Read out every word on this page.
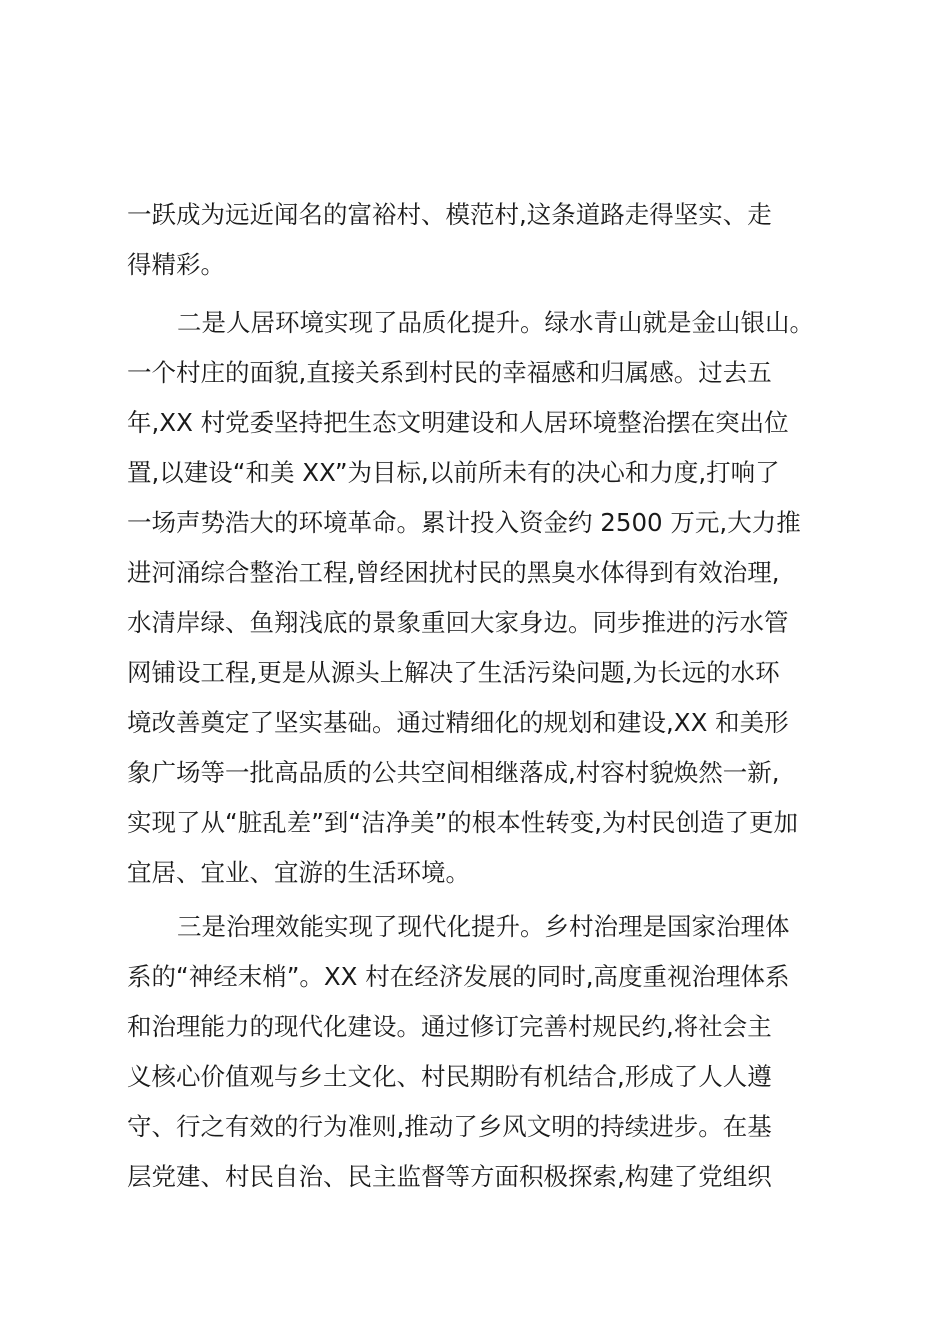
一跃成为远近闻名的富裕村、模范村,这条道路走得坚实、走
得精彩。
二是人居环境实现了品质化提升。绿水青山就是金山银山。
一个村庄的面貌,直接关系到村民的幸福感和归属感。过去五
年,XX 村党委坚持把生态文明建设和人居环境整治摆在突出位
置,以建设“和美 XX”为目标,以前所未有的决心和力度,打响了
一场声势浩大的环境革命。累计投入资金约 2500 万元,大力推
进河涌综合整治工程,曾经困扰村民的黑臭水体得到有效治理,
水清岸绿、鱼翔浅底的景象重回大家身边。同步推进的污水管
网铺设工程,更是从源头上解决了生活污染问题,为长远的水环
境改善奠定了坚实基础。通过精细化的规划和建设,XX 和美形
象广场等一批高品质的公共空间相继落成,村容村貌焕然一新,
实现了从“脏乱差”到“洁净美”的根本性转变,为村民创造了更加
宜居、宜业、宜游的生活环境。
三是治理效能实现了现代化提升。乡村治理是国家治理体
系的“神经末梢”。XX 村在经济发展的同时,高度重视治理体系
和治理能力的现代化建设。通过修订完善村规民约,将社会主
义核心价值观与乡土文化、村民期盼有机结合,形成了人人遵
守、行之有效的行为准则,推动了乡风文明的持续进步。在基
层党建、村民自治、民主监督等方面积极探索,构建了党组织
